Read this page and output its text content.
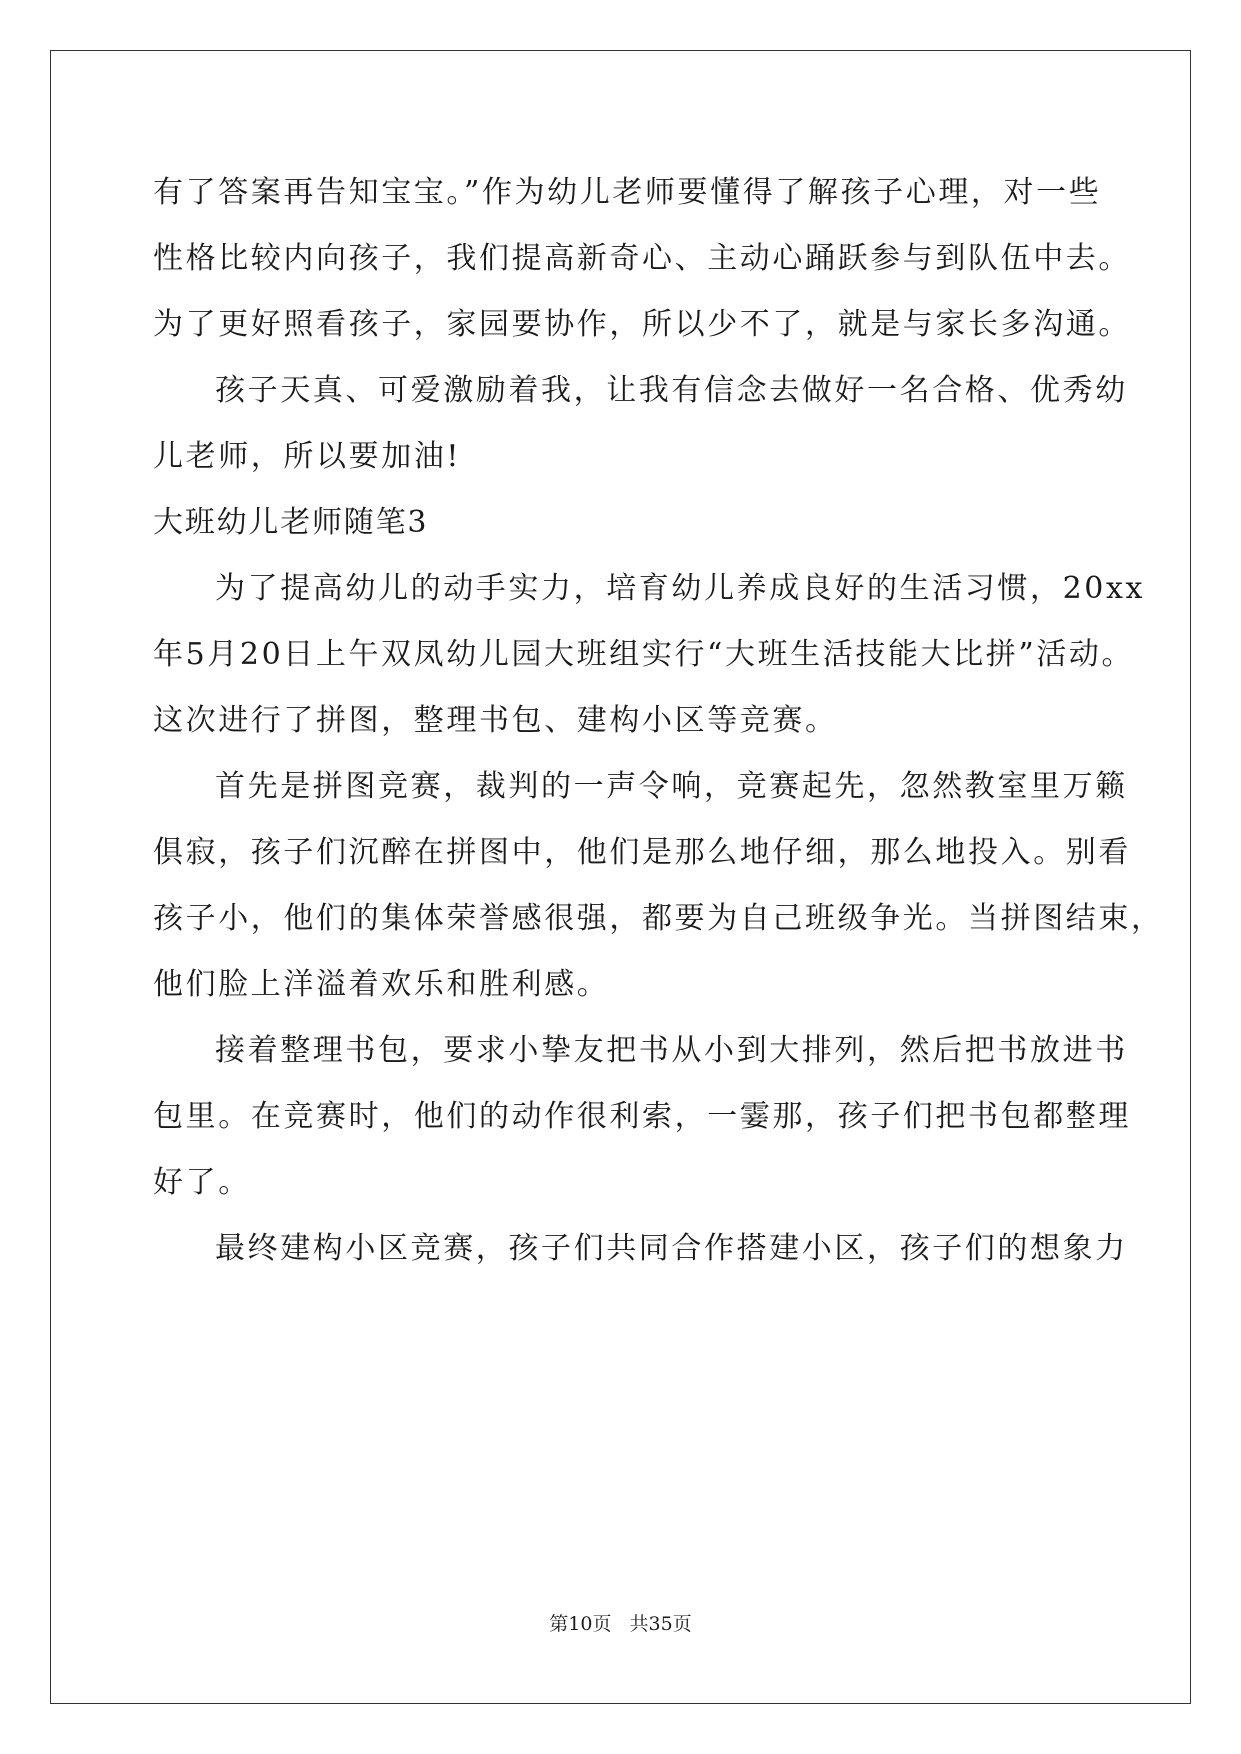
有了答案再告知宝宝。”作为幼儿老师要懂得了解孩子心理，对一些
性格比较内向孩子，我们提高新奇心、主动心踊跃参与到队伍中去。
为了更好照看孩子，家园要协作，所以少不了，就是与家长多沟通。
孩子天真、可爱激励着我，让我有信念去做好一名合格、优秀幼
儿老师，所以要加油!
大班幼儿老师随笔3
为了提高幼儿的动手实力，培育幼儿养成良好的生活习惯，20xx
年5月20日上午双凤幼儿园大班组实行“大班生活技能大比拼”活动。
这次进行了拼图，整理书包、建构小区等竞赛。
首先是拼图竞赛，裁判的一声令响，竞赛起先，忽然教室里万籁
俱寂，孩子们沉醉在拼图中，他们是那么地仔细，那么地投入。别看
孩子小，他们的集体荣誉感很强，都要为自己班级争光。当拼图结束，
他们脸上洋溢着欢乐和胜利感。
接着整理书包，要求小挚友把书从小到大排列，然后把书放进书
包里。在竞赛时，他们的动作很利索，一霎那，孩子们把书包都整理
好了。
最终建构小区竞赛，孩子们共同合作搭建小区，孩子们的想象力
第10页 共35页
